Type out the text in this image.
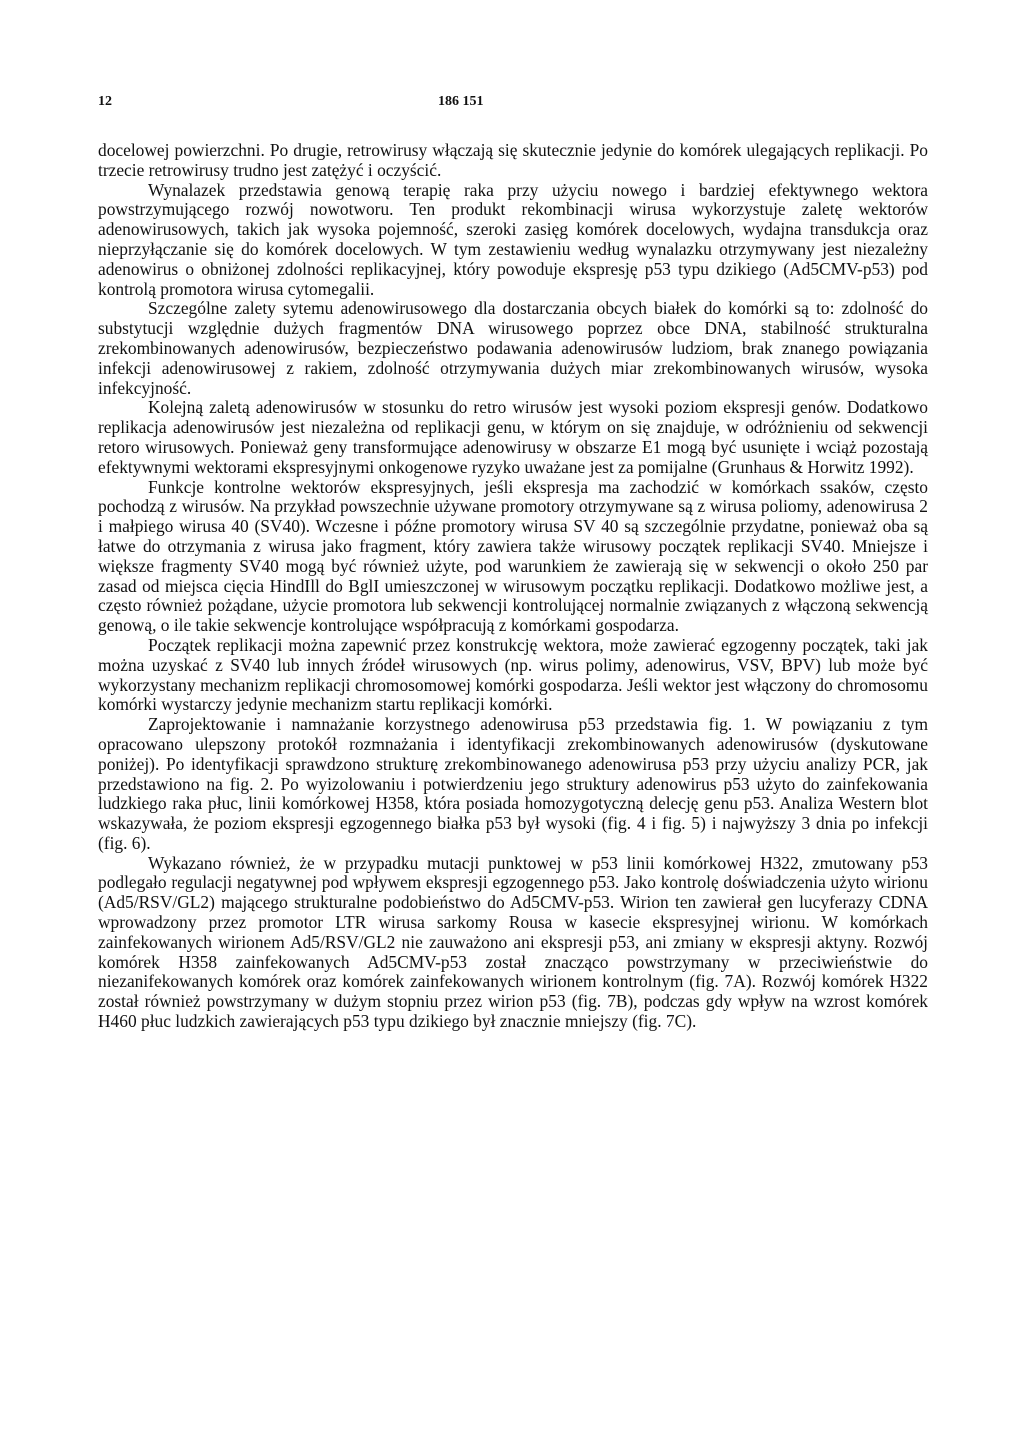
12	186 151

docelowej powierzchni. Po drugie, retrowirusy włączają się skutecznie jedynie do komórek ulegających replikacji. Po trzecie retrowirusy trudno jest zatężyć i oczyścić.

Wynalazek przedstawia genową terapię raka przy użyciu nowego i bardziej efektywnego wektora powstrzymującego rozwój nowotworu. Ten produkt rekombinacji wirusa wykorzystuje zaletę wektorów adenowirusowych, takich jak wysoka pojemność, szeroki zasięg komórek docelowych, wydajna transdukcja oraz nieprzyłączanie się do komórek docelowych. W tym zestawieniu według wynalazku otrzymywany jest niezależny adenowirus o obniżonej zdolności replikacyjnej, który powoduje ekspresję p53 typu dzikiego (Ad5CMV-p53) pod kontrolą promotora wirusa cytomegalii.

Szczególne zalety sytemu adenowirusowego dla dostarczania obcych białek do komórki są to: zdolność do substytucji względnie dużych fragmentów DNA wirusowego poprzez obce DNA, stabilność strukturalna zrekombinowanych adenowirusów, bezpieczeństwo podawania adenowirusów ludziom, brak znanego powiązania infekcji adenowirusowej z rakiem, zdolność otrzymywania dużych miar zrekombinowanych wirusów, wysoka infekcyjność.

Kolejną zaletą adenowirusów w stosunku do retro wirusów jest wysoki poziom ekspresji genów. Dodatkowo replikacja adenowirusów jest niezależna od replikacji genu, w którym on się znajduje, w odróżnieniu od sekwencji retoro wirusowych. Ponieważ geny transformujące adenowirusy w obszarze E1 mogą być usunięte i wciąż pozostają efektywnymi wektorami ekspresyjnymi onkogenowe ryzyko uważane jest za pomijalne (Grunhaus & Horwitz 1992).

Funkcje kontrolne wektorów ekspresyjnych, jeśli ekspresja ma zachodzić w komórkach ssaków, często pochodzą z wirusów. Na przykład powszechnie używane promotory otrzymywane są z wirusa poliomy, adenowirusa 2 i małpiego wirusa 40 (SV40). Wczesne i późne promotory wirusa SV 40 są szczególnie przydatne, ponieważ oba są łatwe do otrzymania z wirusa jako fragment, który zawiera także wirusowy początek replikacji SV40. Mniejsze i większe fragmenty SV40 mogą być również użyte, pod warunkiem że zawierają się w sekwencji o około 250 par zasad od miejsca cięcia HindIll do BglI umieszczonej w wirusowym początku replikacji. Dodatkowo możliwe jest, a często również pożądane, użycie promotora lub sekwencji kontrolującej normalnie związanych z włączoną sekwencją genową, o ile takie sekwencje kontrolujące współpracują z komórkami gospodarza.

Początek replikacji można zapewnić przez konstrukcję wektora, może zawierać egzogenny początek, taki jak można uzyskać z SV40 lub innych źródeł wirusowych (np. wirus polimy, adenowirus, VSV, BPV) lub może być wykorzystany mechanizm replikacji chromosomowej komórki gospodarza. Jeśli wektor jest włączony do chromosomu komórki wystarczy jedynie mechanizm startu replikacji komórki.

Zaprojektowanie i namnażanie korzystnego adenowirusa p53 przedstawia fig. 1. W powiązaniu z tym opracowano ulepszony protokół rozmnażania i identyfikacji zrekombinowanych adenowirusów (dyskutowane poniżej). Po identyfikacji sprawdzono strukturę zrekombinowanego adenowirusa p53 przy użyciu analizy PCR, jak przedstawiono na fig. 2. Po wyizolowaniu i potwierdzeniu jego struktury adenowirus p53 użyto do zainfekowania ludzkiego raka płuc, linii komórkowej H358, która posiada homozygotyczną delecję genu p53. Analiza Western blot wskazywała, że poziom ekspresji egzogennego białka p53 był wysoki (fig. 4 i fig. 5) i najwyższy 3 dnia po infekcji (fig. 6).

Wykazano również, że w przypadku mutacji punktowej w p53 linii komórkowej H322, zmutowany p53 podlegało regulacji negatywnej pod wpływem ekspresji egzogennego p53. Jako kontrolę doświadczenia użyto wirionu (Ad5/RSV/GL2) mającego strukturalne podobieństwo do Ad5CMV-p53. Wirion ten zawierał gen lucyferazy CDNA wprowadzony przez promotor LTR wirusa sarkomy Rousa w kasecie ekspresyjnej wirionu. W komórkach zainfekowanych wirionem Ad5/RSV/GL2 nie zauważono ani ekspresji p53, ani zmiany w ekspresji aktyny. Rozwój komórek H358 zainfekowanych Ad5CMV-p53 został znacząco powstrzymany w przeciwieństwie do niezanifekowanych komórek oraz komórek zainfekowanych wirionem kontrolnym (fig. 7A). Rozwój komórek H322 został również powstrzymany w dużym stopniu przez wirion p53 (fig. 7B), podczas gdy wpływ na wzrost komórek H460 płuc ludzkich zawierających p53 typu dzikiego był znacznie mniejszy (fig. 7C).
